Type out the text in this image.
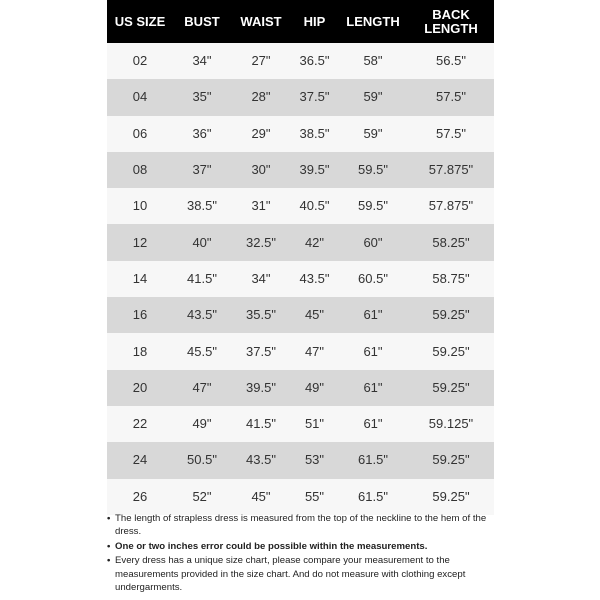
US SIZE	BUST	WAIST	HIP	LENGTH	BACK LENGTH
02	34"	27"	36.5"	58"	56.5"
04	35"	28"	37.5"	59"	57.5"
06	36"	29"	38.5"	59"	57.5"
08	37"	30"	39.5"	59.5"	57.875"
10	38.5"	31"	40.5"	59.5"	57.875"
12	40"	32.5"	42"	60"	58.25"
14	41.5"	34"	43.5"	60.5"	58.75"
16	43.5"	35.5"	45"	61"	59.25"
18	45.5"	37.5"	47"	61"	59.25"
20	47"	39.5"	49"	61"	59.25"
22	49"	41.5"	51"	61"	59.125"
24	50.5"	43.5"	53"	61.5"	59.25"
26	52"	45"	55"	61.5"	59.25"
• The length of strapless dress is measured from the top of the neckline to the hem of the dress.
• One or two inches error could be possible within the measurements.
• Every dress has a unique size chart, please compare your measurement to the measurements provided in the size chart. And do not measure with clothing except undergarments.
